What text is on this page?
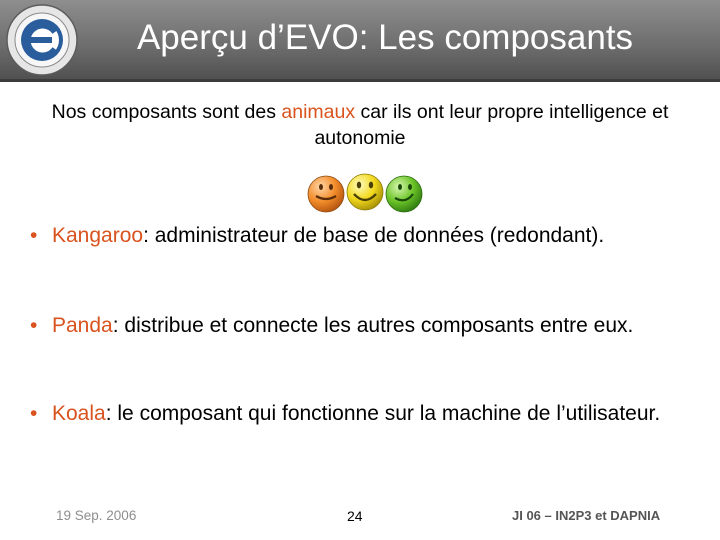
Aperçu d’EVO: Les composants
Nos composants sont des animaux car ils ont leur propre intelligence et autonomie
• Kangaroo: administrateur de base de données (redondant).
• Panda: distribue et connecte les autres composants entre eux.
• Koala: le composant qui fonctionne sur la machine de l’utilisateur.
19 Sep. 2006	24	JI 06 – IN2P3 et DAPNIA
